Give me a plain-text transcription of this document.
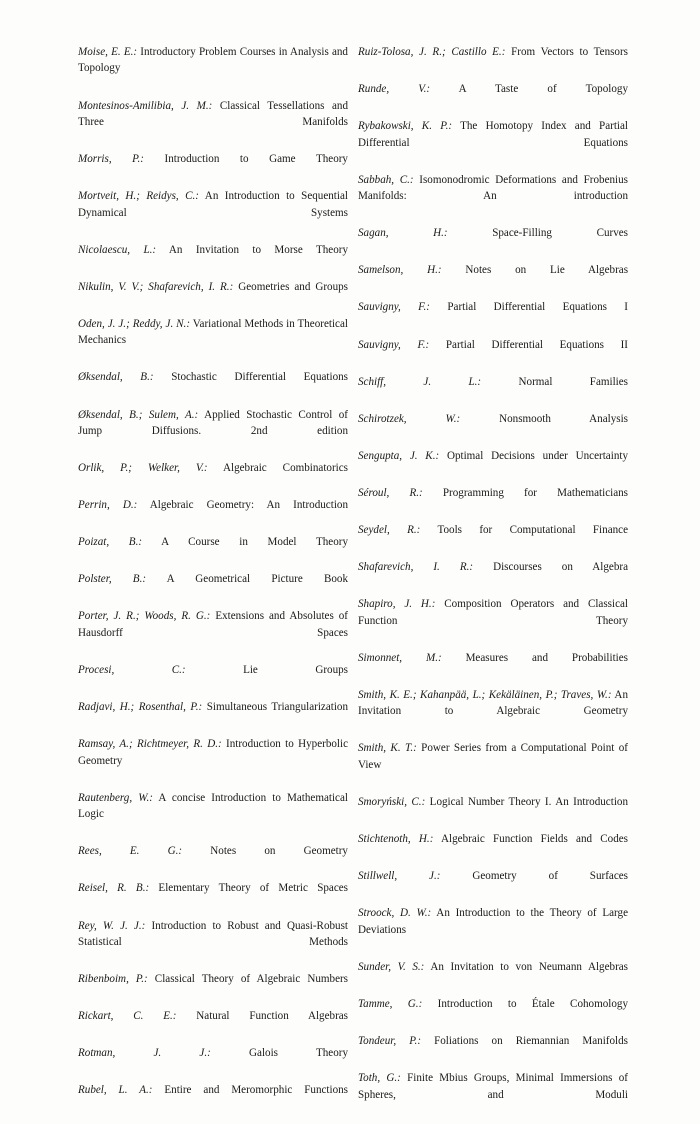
Moise, E. E.: Introductory Problem Courses in Analysis and Topology

Montesinos-Amilibia, J. M.: Classical Tessellations and Three Manifolds

Morris, P.: Introduction to Game Theory

Mortveit, H.; Reidys, C.: An Introduction to Sequential Dynamical Systems

Nicolaescu, L.: An Invitation to Morse Theory

Nikulin, V. V.; Shafarevich, I. R.: Geometries and Groups

Oden, J. J.; Reddy, J. N.: Variational Methods in Theoretical Mechanics

Øksendal, B.: Stochastic Differential Equations

Øksendal, B.; Sulem, A.: Applied Stochastic Control of Jump Diffusions. 2nd edition

Orlik, P.; Welker, V.: Algebraic Combinatorics

Perrin, D.: Algebraic Geometry: An Introduction

Poizat, B.: A Course in Model Theory

Polster, B.: A Geometrical Picture Book

Porter, J. R.; Woods, R. G.: Extensions and Absolutes of Hausdorff Spaces

Procesi, C.: Lie Groups

Radjavi, H.; Rosenthal, P.: Simultaneous Triangularization

Ramsay, A.; Richtmeyer, R. D.: Introduction to Hyperbolic Geometry

Rautenberg, W.: A concise Introduction to Mathematical Logic

Rees, E. G.: Notes on Geometry

Reisel, R. B.: Elementary Theory of Metric Spaces

Rey, W. J. J.: Introduction to Robust and Quasi-Robust Statistical Methods

Ribenboim, P.: Classical Theory of Algebraic Numbers

Rickart, C. E.: Natural Function Algebras

Rotman, J. J.: Galois Theory

Rubel, L. A.: Entire and Meromorphic Functions

Ruiz-Tolosa, J. R.; Castillo E.: From Vectors to Tensors

Runde, V.: A Taste of Topology

Rybakowski, K. P.: The Homotopy Index and Partial Differential Equations

Sabbah, C.: Isomonodromic Deformations and Frobenius Manifolds: An introduction

Sagan, H.: Space-Filling Curves

Samelson, H.: Notes on Lie Algebras

Sauvigny, F.: Partial Differential Equations I

Sauvigny, F.: Partial Differential Equations II

Schiff, J. L.: Normal Families

Schirotzek, W.: Nonsmooth Analysis

Sengupta, J. K.: Optimal Decisions under Uncertainty

Séroul, R.: Programming for Mathematicians

Seydel, R.: Tools for Computational Finance

Shafarevich, I. R.: Discourses on Algebra

Shapiro, J. H.: Composition Operators and Classical Function Theory

Simonnet, M.: Measures and Probabilities

Smith, K. E.; Kahanpää, L.; Kekäläinen, P.; Traves, W.: An Invitation to Algebraic Geometry

Smith, K. T.: Power Series from a Computational Point of View

Smoryński, C.: Logical Number Theory I. An Introduction

Stichtenoth, H.: Algebraic Function Fields and Codes

Stillwell, J.: Geometry of Surfaces

Stroock, D. W.: An Introduction to the Theory of Large Deviations

Sunder, V. S.: An Invitation to von Neumann Algebras

Tamme, G.: Introduction to Étale Cohomology

Tondeur, P.: Foliations on Riemannian Manifolds

Toth, G.: Finite Mbius Groups, Minimal Immersions of Spheres, and Moduli
